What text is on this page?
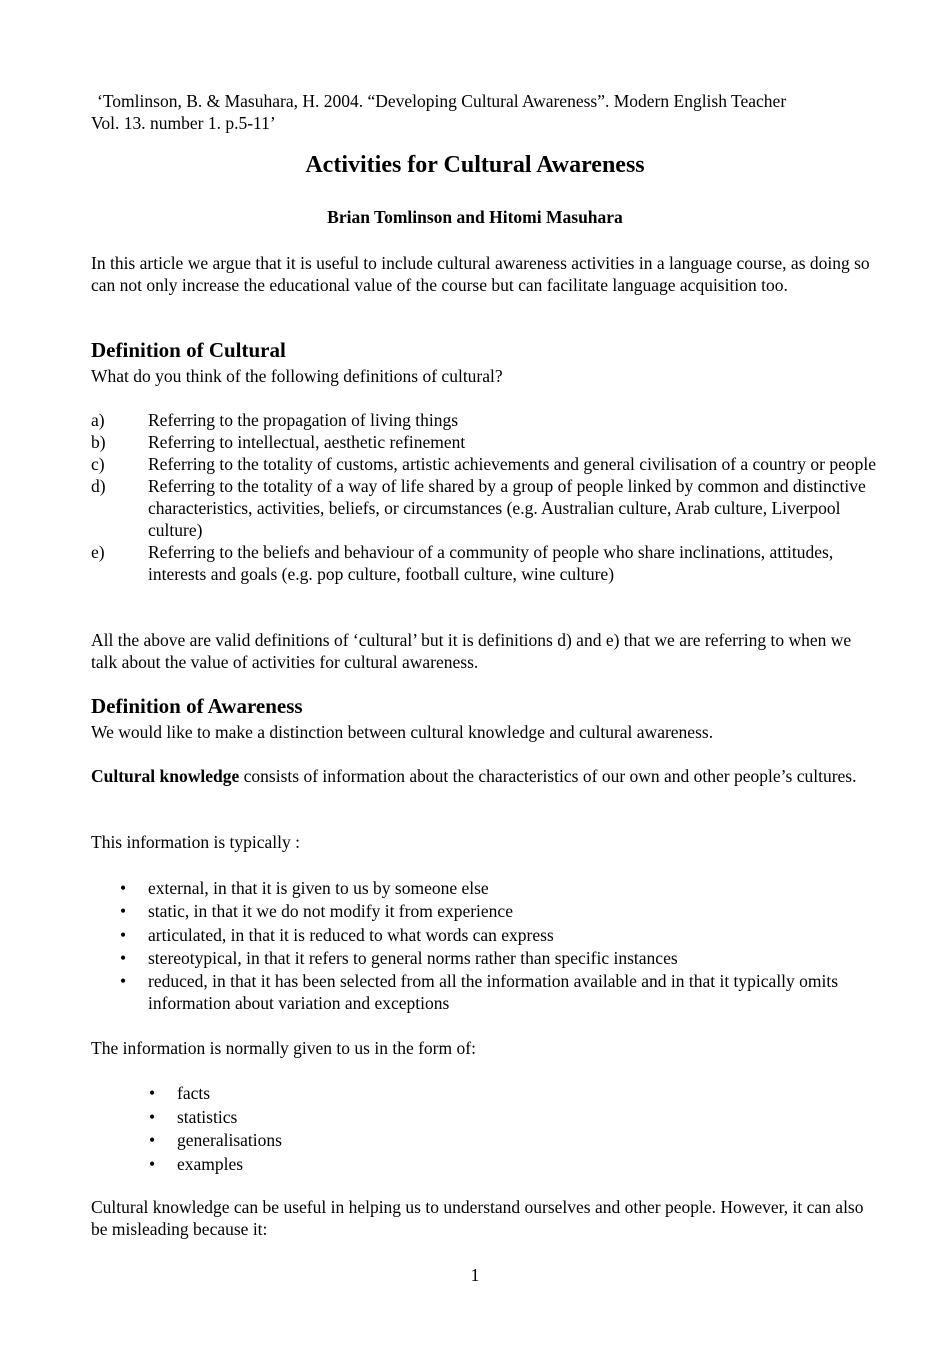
‘Tomlinson, B. & Masuhara, H. 2004. “Developing Cultural Awareness”. Modern English Teacher
Vol. 13. number 1. p.5-11’
Activities for Cultural Awareness
Brian Tomlinson and Hitomi Masuhara
In this article we argue that it is useful to include cultural awareness activities in a language course, as doing so can not only increase the educational value of the course but can facilitate language acquisition too.
Definition of Cultural
What do you think of the following definitions of cultural?
a) Referring to the propagation of living things
b) Referring to intellectual, aesthetic refinement
c) Referring to the totality of customs, artistic achievements and general civilisation of a country or people
d) Referring to the totality of a way of life shared by a group of people linked by common and distinctive characteristics, activities, beliefs, or circumstances (e.g. Australian culture, Arab culture, Liverpool culture)
e) Referring to the beliefs and behaviour of a community of people who share inclinations, attitudes, interests and goals (e.g. pop culture, football culture, wine culture)
All the above are valid definitions of ‘cultural’ but it is definitions d) and e) that we are referring to when we talk about the value of activities for cultural awareness.
Definition of Awareness
We would like to make a distinction between cultural knowledge and cultural awareness.
Cultural knowledge consists of information about the characteristics of our own and other people’s cultures.
This information is typically :
• external, in that it is given to us by someone else
• static, in that it we do not modify it from experience
• articulated, in that it is reduced to what words can express
• stereotypical, in that it refers to general norms rather than specific instances
• reduced, in that it has been selected from all the information available and in that it typically omits information about variation and exceptions
The information is normally given to us in the form of:
• facts
• statistics
• generalisations
• examples
Cultural knowledge can be useful in helping us to understand ourselves and other people. However, it can also be misleading because it:
1
